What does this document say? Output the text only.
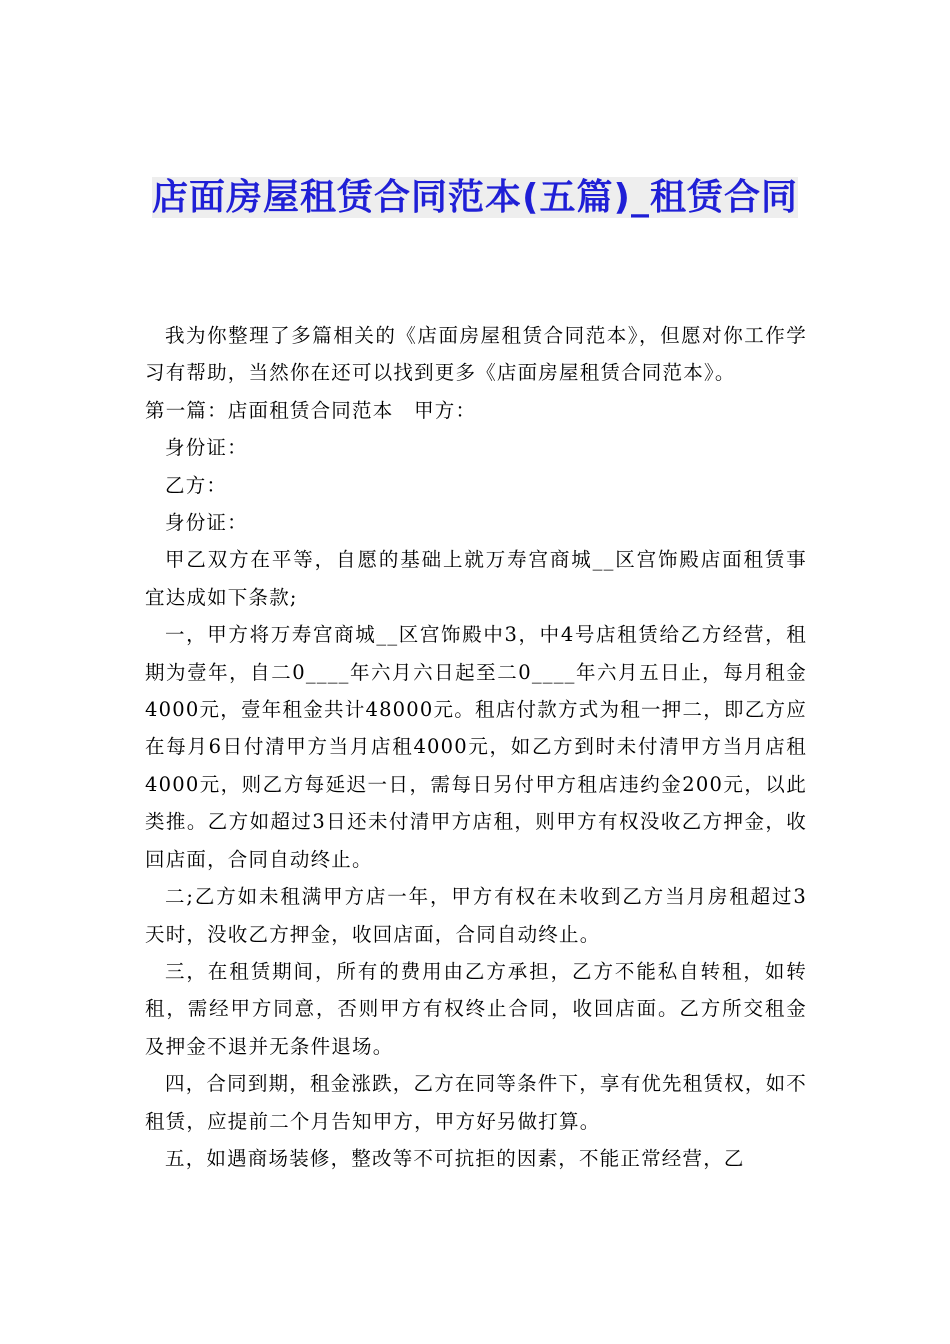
店面房屋租赁合同范本(五篇)_租赁合同

我为你整理了多篇相关的《店面房屋租赁合同范本》，但愿对你工作学习有帮助，当然你在还可以找到更多《店面房屋租赁合同范本》。

第一篇：店面租赁合同范本　甲方：

身份证：

乙方：

身份证：

甲乙双方在平等，自愿的基础上就万寿宫商城__区宫饰殿店面租赁事宜达成如下条款;

一，甲方将万寿宫商城__区宫饰殿中3，中4号店租赁给乙方经营，租期为壹年，自二0____年六月六日起至二0____年六月五日止，每月租金4000元，壹年租金共计48000元。租店付款方式为租一押二，即乙方应在每月6日付清甲方当月店租4000元，如乙方到时未付清甲方当月店租4000元，则乙方每延迟一日，需每日另付甲方租店违约金200元，以此类推。乙方如超过3日还未付清甲方店租，则甲方有权没收乙方押金，收回店面，合同自动终止。

二;乙方如未租满甲方店一年，甲方有权在未收到乙方当月房租超过3天时，没收乙方押金，收回店面，合同自动终止。

三，在租赁期间，所有的费用由乙方承担，乙方不能私自转租，如转租，需经甲方同意，否则甲方有权终止合同，收回店面。乙方所交租金及押金不退并无条件退场。

四，合同到期，租金涨跌，乙方在同等条件下，享有优先租赁权，如不租赁，应提前二个月告知甲方，甲方好另做打算。

五，如遇商场装修，整改等不可抗拒的因素，不能正常经营，乙
